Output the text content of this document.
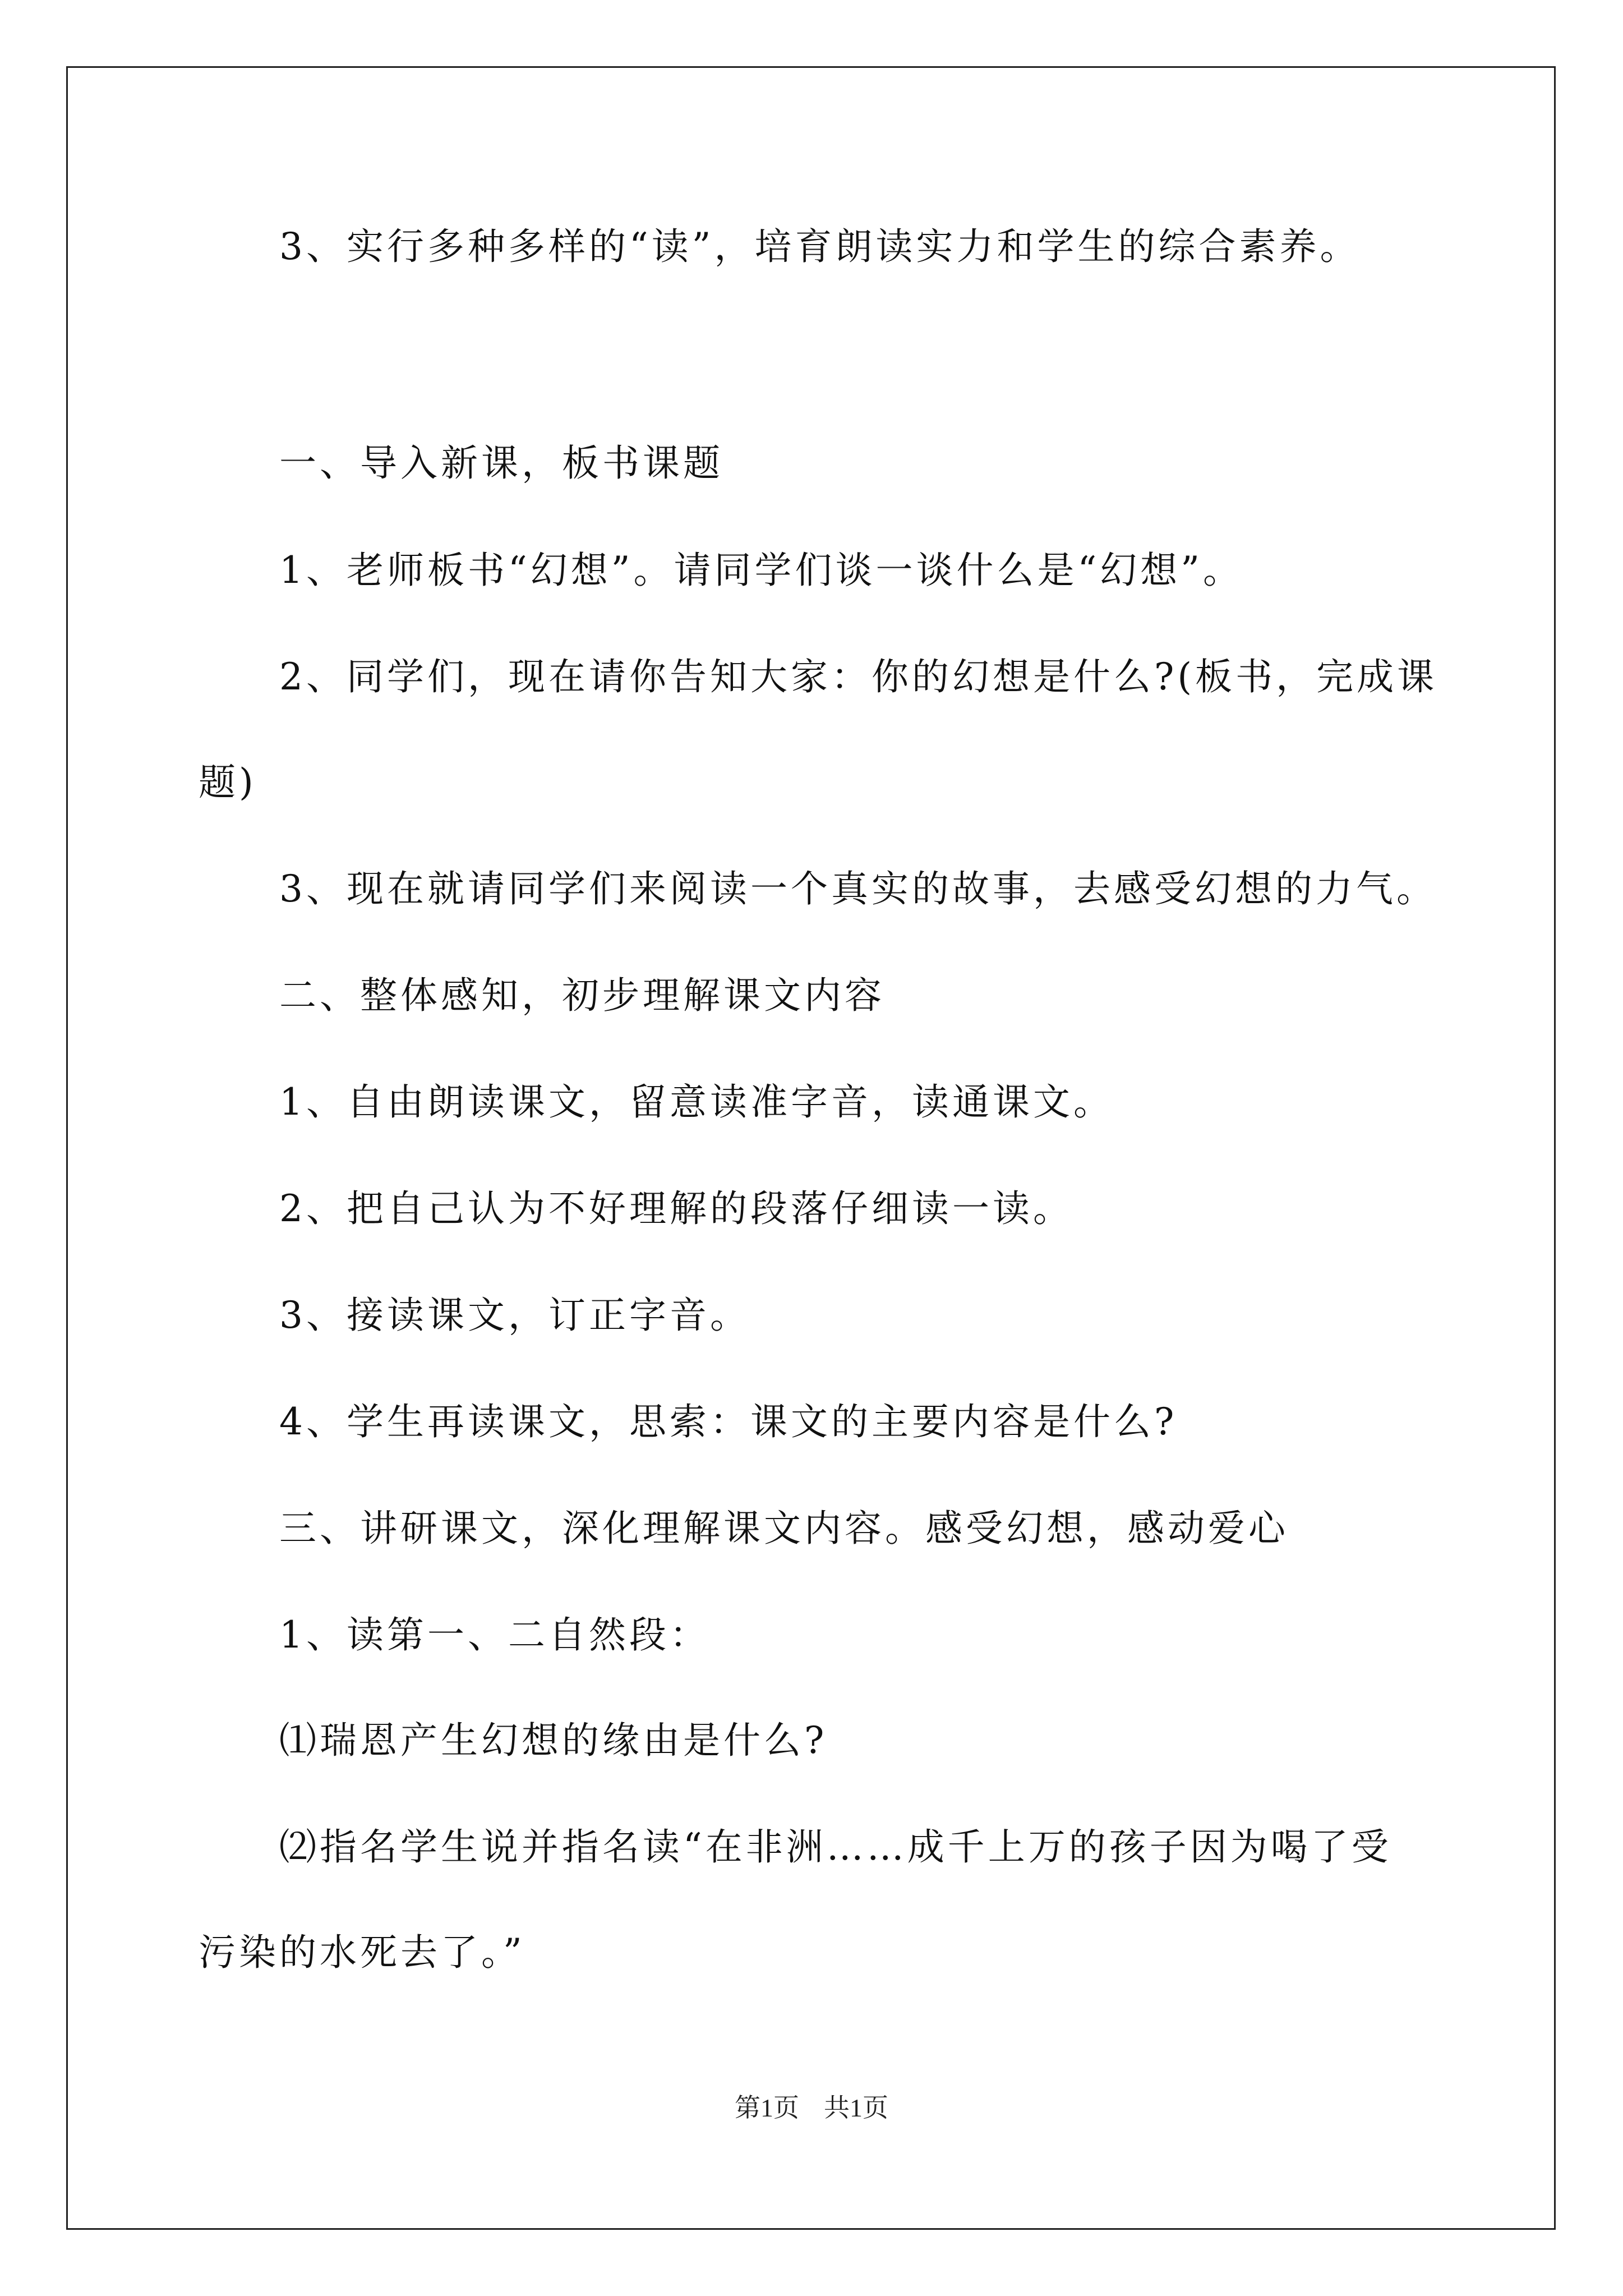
3、实行多种多样的“读”，培育朗读实力和学生的综合素养。
一、导入新课，板书课题
1、老师板书“幻想”。请同学们谈一谈什么是“幻想”。
2、同学们，现在请你告知大家：你的幻想是什么?(板书，完成课
题)
3、现在就请同学们来阅读一个真实的故事，去感受幻想的力气。
二、整体感知，初步理解课文内容
1、自由朗读课文，留意读准字音，读通课文。
2、把自己认为不好理解的段落仔细读一读。
3、接读课文，订正字音。
4、学生再读课文，思索：课文的主要内容是什么?
三、讲研课文，深化理解课文内容。感受幻想，感动爱心
1、读第一、二自然段：
⑴瑞恩产生幻想的缘由是什么?
⑵指名学生说并指名读“在非洲……成千上万的孩子因为喝了受
污染的水死去了。”
第1页 共1页
